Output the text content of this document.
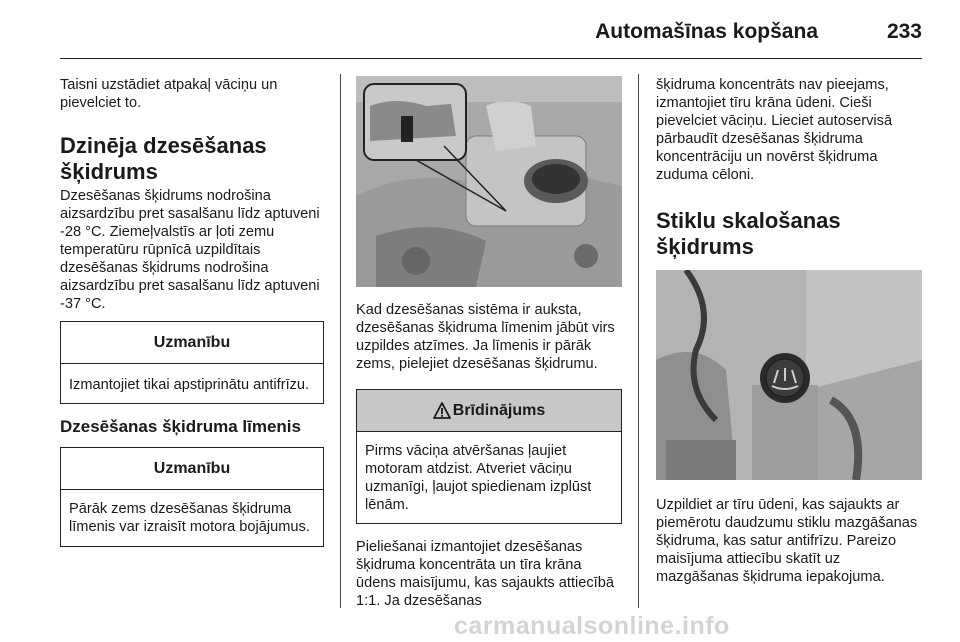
Automašīnas kopšana	233

Taisni uzstādiet atpakaļ vāciņu un pievelciet to.

Dzinēja dzesēšanas šķidrums

Dzesēšanas šķidrums nodrošina aizsardzību pret sasalšanu līdz aptuveni -28 °C. Ziemeļvalstīs ar ļoti zemu temperatūru rūpnīcā uzpildītais dzesēšanas šķidrums nodrošina aizsardzību pret sasalšanu līdz aptuveni -37 °C.

Uzmanību
Izmantojiet tikai apstiprinātu antifrīzu.
Dzesēšanas šķidruma līmenis
Uzmanību
Pārāk zems dzesēšanas šķidruma līmenis var izraisīt motora bojājumus.

Kad dzesēšanas sistēma ir auksta, dzesēšanas šķidruma līmenim jābūt virs uzpildes atzīmes. Ja līmenis ir pārāk zems, pielejiet dzesēšanas šķidrumu.

Brīdinājums
Pirms vāciņa atvēršanas ļaujiet motoram atdzist. Atveriet vāciņu uzmanīgi, ļaujot spiedienam izplūst lēnām.

Pieliešanai izmantojiet dzesēšanas šķidruma koncentrāta un tīra krāna ūdens maisījumu, kas sajaukts attiecībā 1:1. Ja dzesēšanas

šķidruma koncentrāts nav pieejams, izmantojiet tīru krāna ūdeni. Cieši pievelciet vāciņu. Lieciet autoservisā pārbaudīt dzesēšanas šķidruma koncentrāciju un novērst šķidruma zuduma cēloni.

Stiklu skalošanas šķidrums

Uzpildiet ar tīru ūdeni, kas sajaukts ar piemērotu daudzumu stiklu mazgāšanas šķidruma, kas satur antifrīzu. Pareizo maisījuma attiecību skatīt uz mazgāšanas šķidruma iepakojuma.

carmanualsonline.info
